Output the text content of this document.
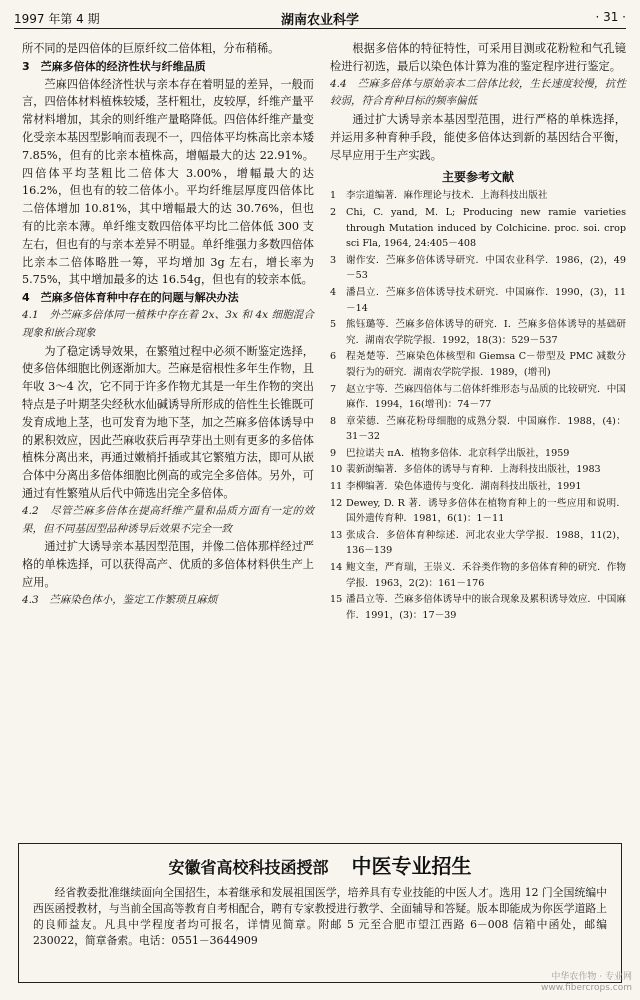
1997 年第 4 期	湖南农业科学	· 31 ·

所不同的是四倍体的巨原纤纹二倍体粗，分布稍稀。

3　苎麻多倍体的经济性状与纤维品质

苎麻四倍体经济性状与亲本存在着明显的差异，一般而言，四倍体材料植株较矮，茎杆粗壮，皮较厚，纤维产量平常材料增加，其余的则纤维产量略降低。四倍体纤维产量变化受亲本基因型影响而表现不一，四倍体平均株高比亲本矮 7.85%，但有的比亲本植株高，增幅最大的达 22.91%。四倍体平均茎粗比二倍体大 3.00%，增幅最大的达 16.2%，但也有的较二倍体小。平均纤维层厚度四倍体比二倍体增加 10.81%，其中增幅最大的达 30.76%，但也有的比亲本薄。单纤维支数四倍体平均比二倍体低 300 支左右，但也有的与亲本差异不明显。单纤维强力多数四倍体比亲本二倍体略胜一筹，平均增加 3g 左右，增长率为 5.75%，其中增加最多的达 16.54g，但也有的较亲本低。

4　苎麻多倍体育种中存在的问题与解决办法

4.1　外苎麻多倍体同一植株中存在着 2x、3x 和 4x 细胞混合现象和嵌合现象

为了稳定诱导效果，在繁殖过程中必须不断鉴定选择，使多倍体细胞比例逐渐加大。苎麻是宿根性多年生作物，且年收 3～4 次，它不同于许多作物尤其是一年生作物的突出特点是子叶期茎尖经秋水仙碱诱导所形成的倍性生长锥既可发育成地上茎，也可发育为地下茎，加之苎麻多倍体诱导中的累积效应，因此苎麻收获后再孕芽出土则有更多的多倍体植株分离出来，再通过嫩梢扦插或其它繁殖方法，即可从嵌合体中分离出多倍体细胞比例高的或完全多倍体。另外，可通过有性繁殖从后代中筛选出完全多倍体。

4.2　尽管苎麻多倍体在提高纤维产量和品质方面有一定的效果，但不同基因型品种诱导后效果不完全一致

通过扩大诱导亲本基因型范围，并像二倍体那样经过严格的单株选择，可以获得高产、优质的多倍体材料供生产上应用。

4.3　苎麻染色体小，鉴定工作繁琐且麻烦

根据多倍体的特征特性，可采用目测或花粉粒和气孔镜检进行初选，最后以染色体计算为准的鉴定程序进行鉴定。

4.4　苎麻多倍体与原始亲本二倍体比较，生长速度较慢，抗性较弱，符合育种目标的频率偏低

通过扩大诱导亲本基因型范围，进行严格的单株选择，并运用多种育种手段，能使多倍体达到新的基因结合平衡，尽早应用于生产实践。

主要参考文献
1	李宗道编著．麻作理论与技术．上海科技出版社
2	Chi, C. yand, M. L; Producing new ramie varieties through Mutation induced by Colchicine. proc. soi. crop sci Fla, 1964, 24:405－408
3	谢作安．苎麻多倍体诱导研究．中国农业科学．1986，(2)，49－53
4	潘昌立．苎麻多倍体诱导技术研究．中国麻作．1990，(3)，11－14
5	熊钰璐等．苎麻多倍体诱导的研究．Ⅰ．苎麻多倍体诱导的基础研究．湖南农学院学报．1992，18(3)：529－537
6	程尧楚等．苎麻染色体核型和 Giemsa C－带型及 PMC 减数分裂行为的研究．湖南农学院学报．1989，(增刊)
7	赵立宇等．苎麻四倍体与二倍体纤维形态与品质的比较研究．中国麻作．1994，16(增刊)：74－77
8	章荣德．苎麻花粉母细胞的成熟分裂．中国麻作．1988，(4)：31－32
9	巴拉诺夫 пА．植物多倍体．北京科学出版社，1959
10 裴新澍编著．多倍体的诱导与育种．上海科技出版社，1983
11 李柳编著．染色体遗传与变化．湖南科技出版社，1991
12 Dewey, D. R 著．诱导多倍体在植物育种上的一些应用和说明．国外遗传育种．1981，6(1)：1－11
13 张成合．多倍体育种综述．河北农业大学学报．1988，11(2)，136－139
14 鲍文奎，严育瑞，王崇义．禾谷类作物的多倍体育种的研究．作物学报．1963，2(2)：161－176
15 潘昌立等．苎麻多倍体诱导中的嵌合现象及累积诱导效应．中国麻作．1991，(3)：17－39
安徽省高校科技函授部 中医专业招生

经省教委批准继续面向全国招生，本着继承和发展祖国医学，培养具有专业技能的中医人才。选用 12 门全国统编中西医函授教材，与当前全国高等教育自考相配合，聘有专家教授进行教学、全面辅导和答疑。版本即能成为你医学道路上的良师益友。凡具中学程度者均可报名，详情见简章。附邮 5 元至合肥市望江西路 6－008 信箱中函处，邮编 230022，简章备索。电话：0551－3644909

中华农作物 · 专业网
www.fibercrops.com
